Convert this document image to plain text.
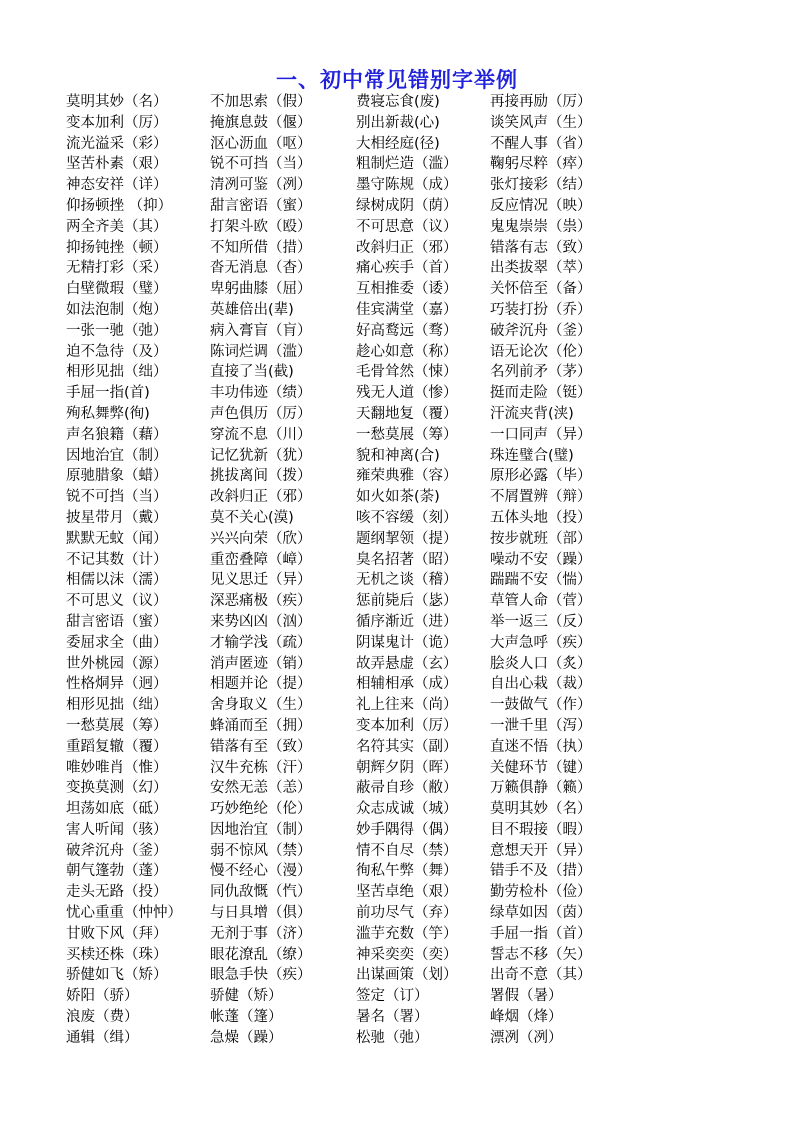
一、初中常见错别字举例
莫明其妙（名）	不加思索（假）	费寝忘食(废)	再接再励（厉）
变本加利（厉）	掩旗息鼓（偃）	别出新裁(心)	谈笑风声（生）
流光溢采（彩）	沤心沥血（呕）	大相经庭(径)	不醒人事（省）
坚苦朴素（艰）	锐不可挡（当）	粗制烂造（滥）	鞠躬尽粹（瘁）
神态安祥（详）	清冽可鉴（冽）	墨守陈规（成）	张灯接彩（结）
仰扬顿挫 （抑）	甜言密语（蜜）	绿树成阴（荫）	反应情况（映）
两全齐美（其）	打架斗欧（殴）	不可思意（议）	鬼鬼崇崇（祟）
抑扬钝挫（顿）	不知所借（措）	改斜归正（邪）	错落有志（致）
无精打彩（采）	沓无消息（杳）	痛心疾手（首）	出类拔翠（萃）
白壁微瑕（璧）	卑躬曲膝（屈）	互相推委（诿）	关怀倍至（备）
如法泡制（炮）	英雄倍出(辈)	佳宾满堂（嘉）	巧装打扮（乔）
一张一驰（弛）	病入膏盲（肓）	好高鹜远（骛）	破斧沉舟（釜）
迫不急待（及）	陈词烂调（滥）	趁心如意（称）	语无论次（伦）
相形见拙（绌）	直接了当(截)	毛骨耸然（悚）	名列前矛（茅）
手屈一指(首)	丰功伟迹（绩）	残无人道（惨）	挺而走险（铤）
殉私舞弊(徇)	声色俱历（厉）	天翻地复（覆）	汗流夹背(浃)
声名狼籍（藉）	穿流不息（川）	一愁莫展（筹）	一口同声（异）
因地治宜（制）	记忆犹新（犹）	貌和神离(合)	珠连璧合(璧)
原驰腊象（蜡）	挑拔离间（拨）	雍荣典雅（容）	原形必露（毕）
锐不可挡（当）	改斜归正（邪）	如火如茶(荼)	不屑置辨（辩）
披星带月（戴）	莫不关心(漠)	咳不容缓（刻）	五体头地（投）
默默无蚊（闻）	兴兴向荣（欣）	题纲挈领（提）	按步就班（部）
不记其数（计）	重峦叠障（嶂）	臭名招著（昭）	噪动不安（躁）
相儒以沫（濡）	见义思迁（异）	无机之谈（稽）	踹踹不安（惴）
不可思义（议）	深恶痛极（疾）	惩前毙后（毖）	草管人命（菅）
甜言密语（蜜）	来势凶凶（汹）	循序渐近（进）	举一返三（反）
委屈求全（曲）	才输学浅（疏）	阴谋鬼计（诡）	大声急呼（疾）
世外桃园（源）	消声匿迹（销）	故弄悬虚（玄）	脍炎人口（炙）
性格烔异（迥）	相题并论（提）	相辅相承（成）	自出心栽（裁）
相形见拙（绌）	舍身取义（生）	礼上往来（尚）	一鼓做气（作）
一愁莫展（筹）	蜂涌而至（拥）	变本加利（厉）	一泄千里（泻）
重蹈复辙（覆）	错落有至（致）	名符其实（副）	直迷不悟（执）
唯妙唯肖（惟）	汉牛充栋（汗）	朝辉夕阴（晖）	关健环节（键）
变换莫测（幻）	安然无恙（恙）	蔽帚自珍（敝）	万籁俱静（籁）
坦荡如底（砥）	巧妙绝纶（伦）	众志成诚（城）	莫明其妙（名）
害人听闻（骇）	因地治宜（制）	妙手隅得（偶）	目不瑕接（暇）
破斧沉舟（釜）	弱不惊风（禁）	情不自尽（禁）	意想天开（异）
朝气篷勃（蓬）	慢不经心（漫）	徇私午弊（舞）	错手不及（措）
走头无路（投）	同仇敌慨（忾）	坚苦卓绝（艰）	勤劳检朴（俭）
忧心重重（忡忡）	与日具增（俱）	前功尽气（弃）	绿草如因（茵）
甘败下风（拜）	无剂于事（济）	滥芋充数（竽）	手屈一指（首）
买椟还株（珠）	眼花潦乱（缭）	神采奕奕（奕）	誓志不移（矢）
骄健如飞（矫）	眼急手快（疾）	出谋画策（划）	出奇不意（其）
娇阳（骄）	骄健（矫）	签定（订）	署假（暑）
浪废（费）	帐蓬（篷）	暑名（署）	峰烟（烽）
通辑（缉）	急燥（躁）	松驰（弛）	漂冽（冽）
